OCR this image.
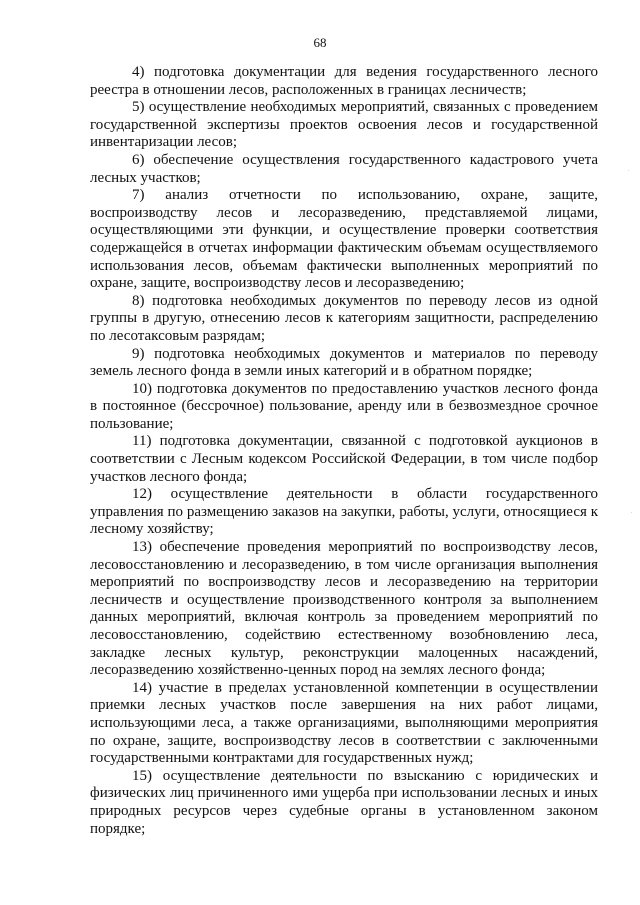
68

4) подготовка документации для ведения государственного лесного реестра в отношении лесов, расположенных в границах лесничеств;

5) осуществление необходимых мероприятий, связанных с проведением государственной экспертизы проектов освоения лесов и государственной инвентаризации лесов;

6) обеспечение осуществления государственного кадастрового учета лесных участков;

7) анализ отчетности по использованию, охране, защите, воспроизводству лесов и лесоразведению, представляемой лицами, осуществляющими эти функции, и осуществление проверки соответствия содержащейся в отчетах информации фактическим объемам осуществляемого использования лесов, объемам фактически выполненных мероприятий по охране, защите, воспроизводству лесов и лесоразведению;

8) подготовка необходимых документов по переводу лесов из одной группы в другую, отнесению лесов к категориям защитности, распределению по лесотаксовым разрядам;

9) подготовка необходимых документов и материалов по переводу земель лесного фонда в земли иных категорий и в обратном порядке;

10) подготовка документов по предоставлению участков лесного фонда в постоянное (бессрочное) пользование, аренду или в безвозмездное срочное пользование;

11) подготовка документации, связанной с подготовкой аукционов в соответствии с Лесным кодексом Российской Федерации, в том числе подбор участков лесного фонда;

12) осуществление деятельности в области государственного управления по размещению заказов на закупки, работы, услуги, относящиеся к лесному хозяйству;

13) обеспечение проведения мероприятий по воспроизводству лесов, лесовосстановлению и лесоразведению, в том числе организация выполнения мероприятий по воспроизводству лесов и лесоразведению на территории лесничеств и осуществление производственного контроля за выполнением данных мероприятий, включая контроль за проведением мероприятий по лесовосстановлению, содействию естественному возобновлению леса, закладке лесных культур, реконструкции малоценных насаждений, лесоразведению хозяйственно-ценных пород на землях лесного фонда;

14) участие в пределах установленной компетенции в осуществлении приемки лесных участков после завершения на них работ лицами, использующими леса, а также организациями, выполняющими мероприятия по охране, защите, воспроизводству лесов в соответствии с заключенными государственными контрактами для государственных нужд;

15) осуществление деятельности по взысканию с юридических и физических лиц причиненного ими ущерба при использовании лесных и иных природных ресурсов через судебные органы в установленном законом порядке;
